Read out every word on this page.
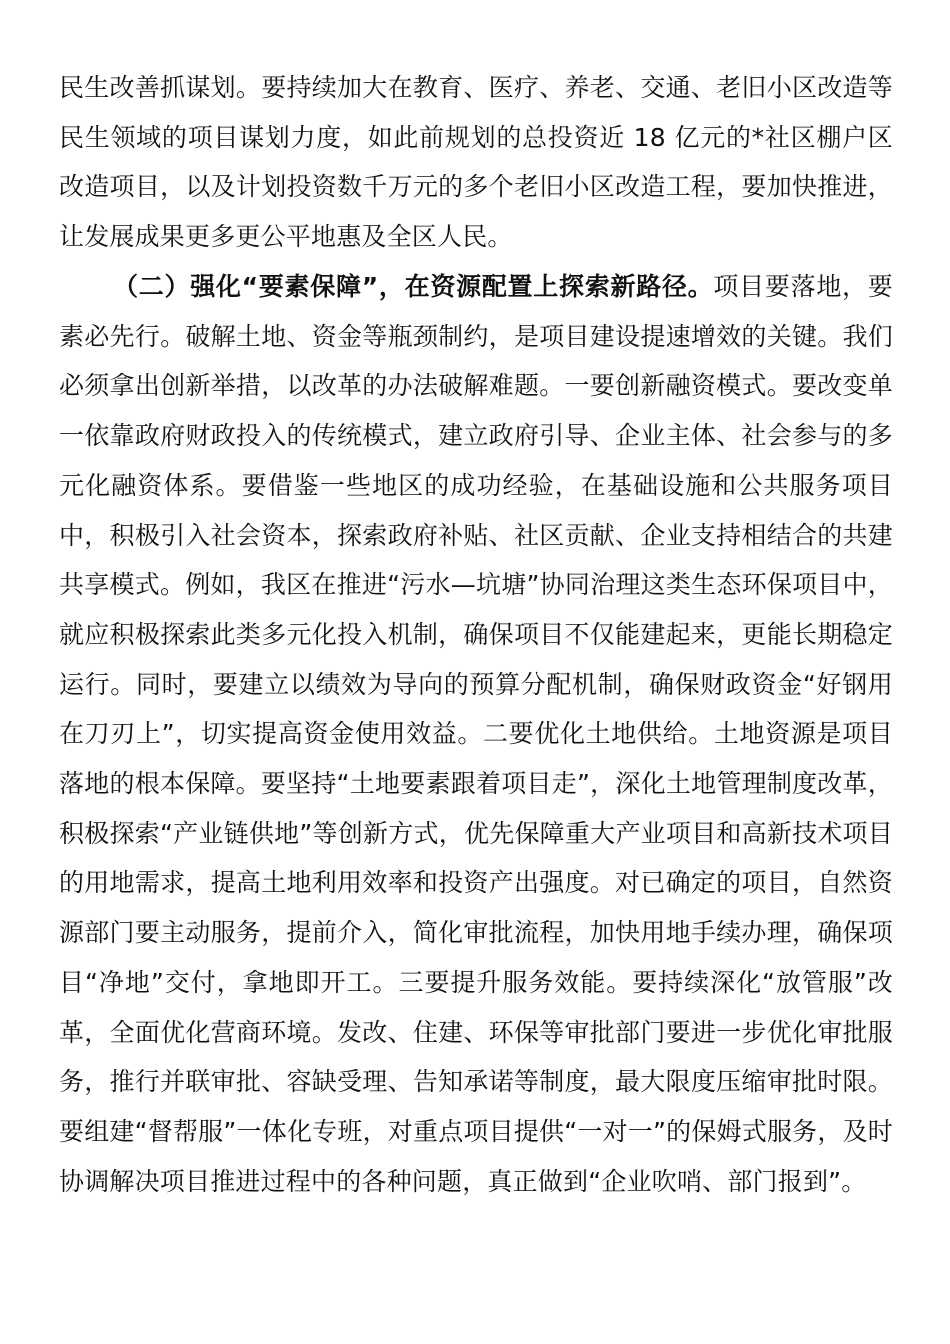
民生改善抓谋划。要持续加大在教育、医疗、养老、交通、老旧小区改造等民生领域的项目谋划力度，如此前规划的总投资近 18 亿元的*社区棚户区改造项目，以及计划投资数千万元的多个老旧小区改造工程，要加快推进，让发展成果更多更公平地惠及全区人民。

（二）强化“要素保障”，在资源配置上探索新路径。项目要落地，要素必先行。破解土地、资金等瓶颈制约，是项目建设提速增效的关键。我们必须拿出创新举措，以改革的办法破解难题。一要创新融资模式。要改变单一依靠政府财政投入的传统模式，建立政府引导、企业主体、社会参与的多元化融资体系。要借鉴一些地区的成功经验，在基础设施和公共服务项目中，积极引入社会资本，探索政府补贴、社区贡献、企业支持相结合的共建共享模式。例如，我区在推进“污水—坑塘”协同治理这类生态环保项目中，就应积极探索此类多元化投入机制，确保项目不仅能建起来，更能长期稳定运行。同时，要建立以绩效为导向的预算分配机制，确保财政资金“好钢用在刀刃上”，切实提高资金使用效益。二要优化土地供给。土地资源是项目落地的根本保障。要坚持“土地要素跟着项目走”，深化土地管理制度改革，积极探索“产业链供地”等创新方式，优先保障重大产业项目和高新技术项目的用地需求，提高土地利用效率和投资产出强度。对已确定的项目，自然资源部门要主动服务，提前介入，简化审批流程，加快用地手续办理，确保项目“净地”交付，拿地即开工。三要提升服务效能。要持续深化“放管服”改革，全面优化营商环境。发改、住建、环保等审批部门要进一步优化审批服务，推行并联审批、容缺受理、告知承诺等制度，最大限度压缩审批时限。要组建“督帮服”一体化专班，对重点项目提供“一对一”的保姆式服务，及时协调解决项目推进过程中的各种问题，真正做到“企业吹哨、部门报到”。
